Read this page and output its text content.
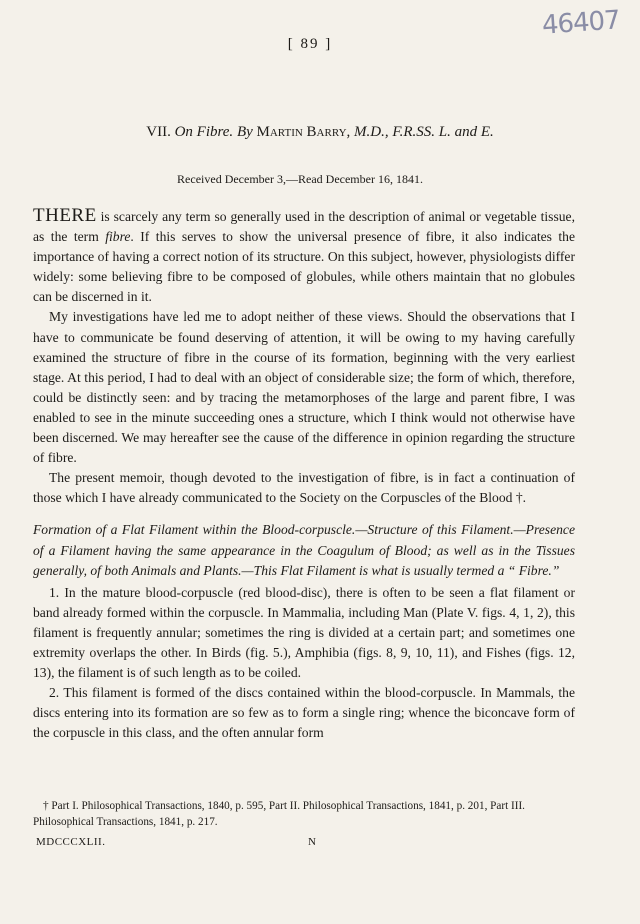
[ 89 ]
46407
VII. On Fibre. By Martin Barry, M.D., F.R.SS. L. and E.
Received December 3,—Read December 16, 1841.

THERE is scarcely any term so generally used in the description of animal or vegetable tissue, as the term fibre. If this serves to show the universal presence of fibre, it also indicates the importance of having a correct notion of its structure. On this subject, however, physiologists differ widely: some believing fibre to be composed of globules, while others maintain that no globules can be discerned in it.

My investigations have led me to adopt neither of these views. Should the observations that I have to communicate be found deserving of attention, it will be owing to my having carefully examined the structure of fibre in the course of its formation, beginning with the very earliest stage. At this period, I had to deal with an object of considerable size; the form of which, therefore, could be distinctly seen: and by tracing the metamorphoses of the large and parent fibre, I was enabled to see in the minute succeeding ones a structure, which I think would not otherwise have been discerned. We may hereafter see the cause of the difference in opinion regarding the structure of fibre.

The present memoir, though devoted to the investigation of fibre, is in fact a continuation of those which I have already communicated to the Society on the Corpuscles of the Blood †.

Formation of a Flat Filament within the Blood-corpuscle.—Structure of this Filament.—Presence of a Filament having the same appearance in the Coagulum of Blood; as well as in the Tissues generally, of both Animals and Plants.—This Flat Filament is what is usually termed a “ Fibre.”

1. In the mature blood-corpuscle (red blood-disc), there is often to be seen a flat filament or band already formed within the corpuscle. In Mammalia, including Man (Plate V. figs. 4, 1, 2), this filament is frequently annular; sometimes the ring is divided at a certain part; and sometimes one extremity overlaps the other. In Birds (fig. 5.), Amphibia (figs. 8, 9, 10, 11), and Fishes (figs. 12, 13), the filament is of such length as to be coiled.

2. This filament is formed of the discs contained within the blood-corpuscle. In Mammals, the discs entering into its formation are so few as to form a single ring; whence the biconcave form of the corpuscle in this class, and the often annular form

† Part I. Philosophical Transactions, 1840, p. 595, Part II. Philosophical Transactions, 1841, p. 201, Part III. Philosophical Transactions, 1841, p. 217.

MDCCCXLII.	N
